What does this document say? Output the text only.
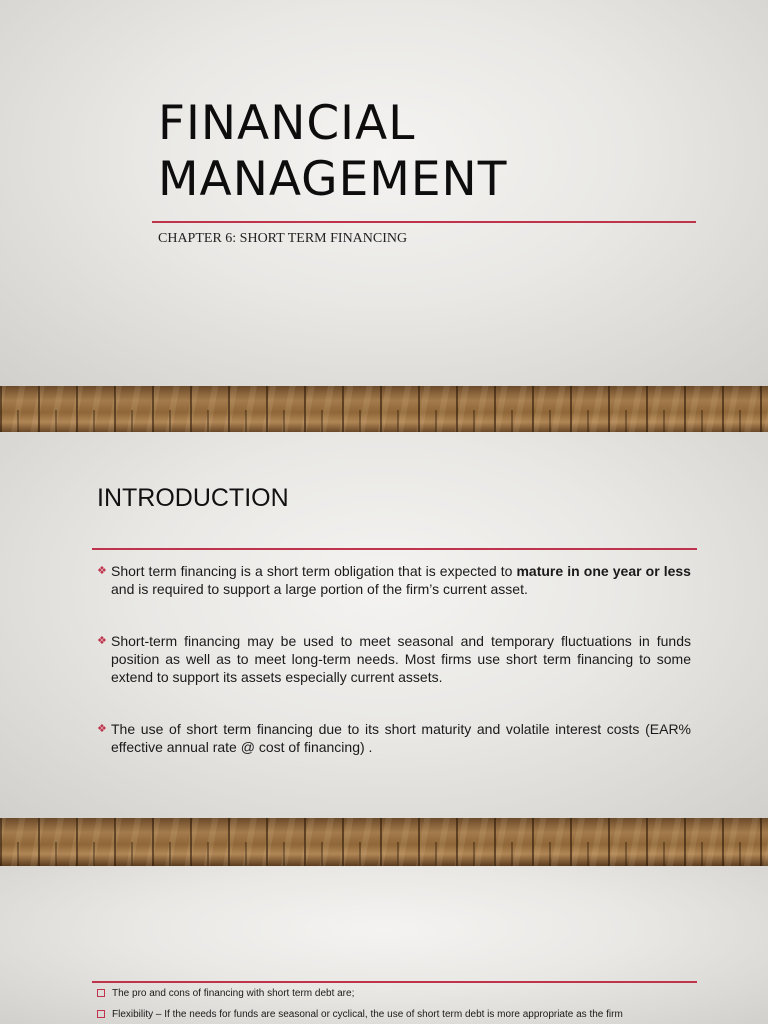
FINANCIAL
MANAGEMENT
CHAPTER 6: SHORT TERM FINANCING
INTRODUCTION
❖ Short term financing is a short term obligation that is expected to mature in one year or less and is required to support a large portion of the firm’s current asset.
❖ Short-term financing may be used to meet seasonal and temporary fluctuations in funds position as well as to meet long-term needs. Most firms use short term financing to some extend to support its assets especially current assets.
❖ The use of short term financing due to its short maturity and volatile interest costs (EAR% effective annual rate @ cost of financing) .
The pro and cons of financing with short term debt are;
Flexibility – If the needs for funds are seasonal or cyclical, the use of short term debt is more appropriate as the firm
